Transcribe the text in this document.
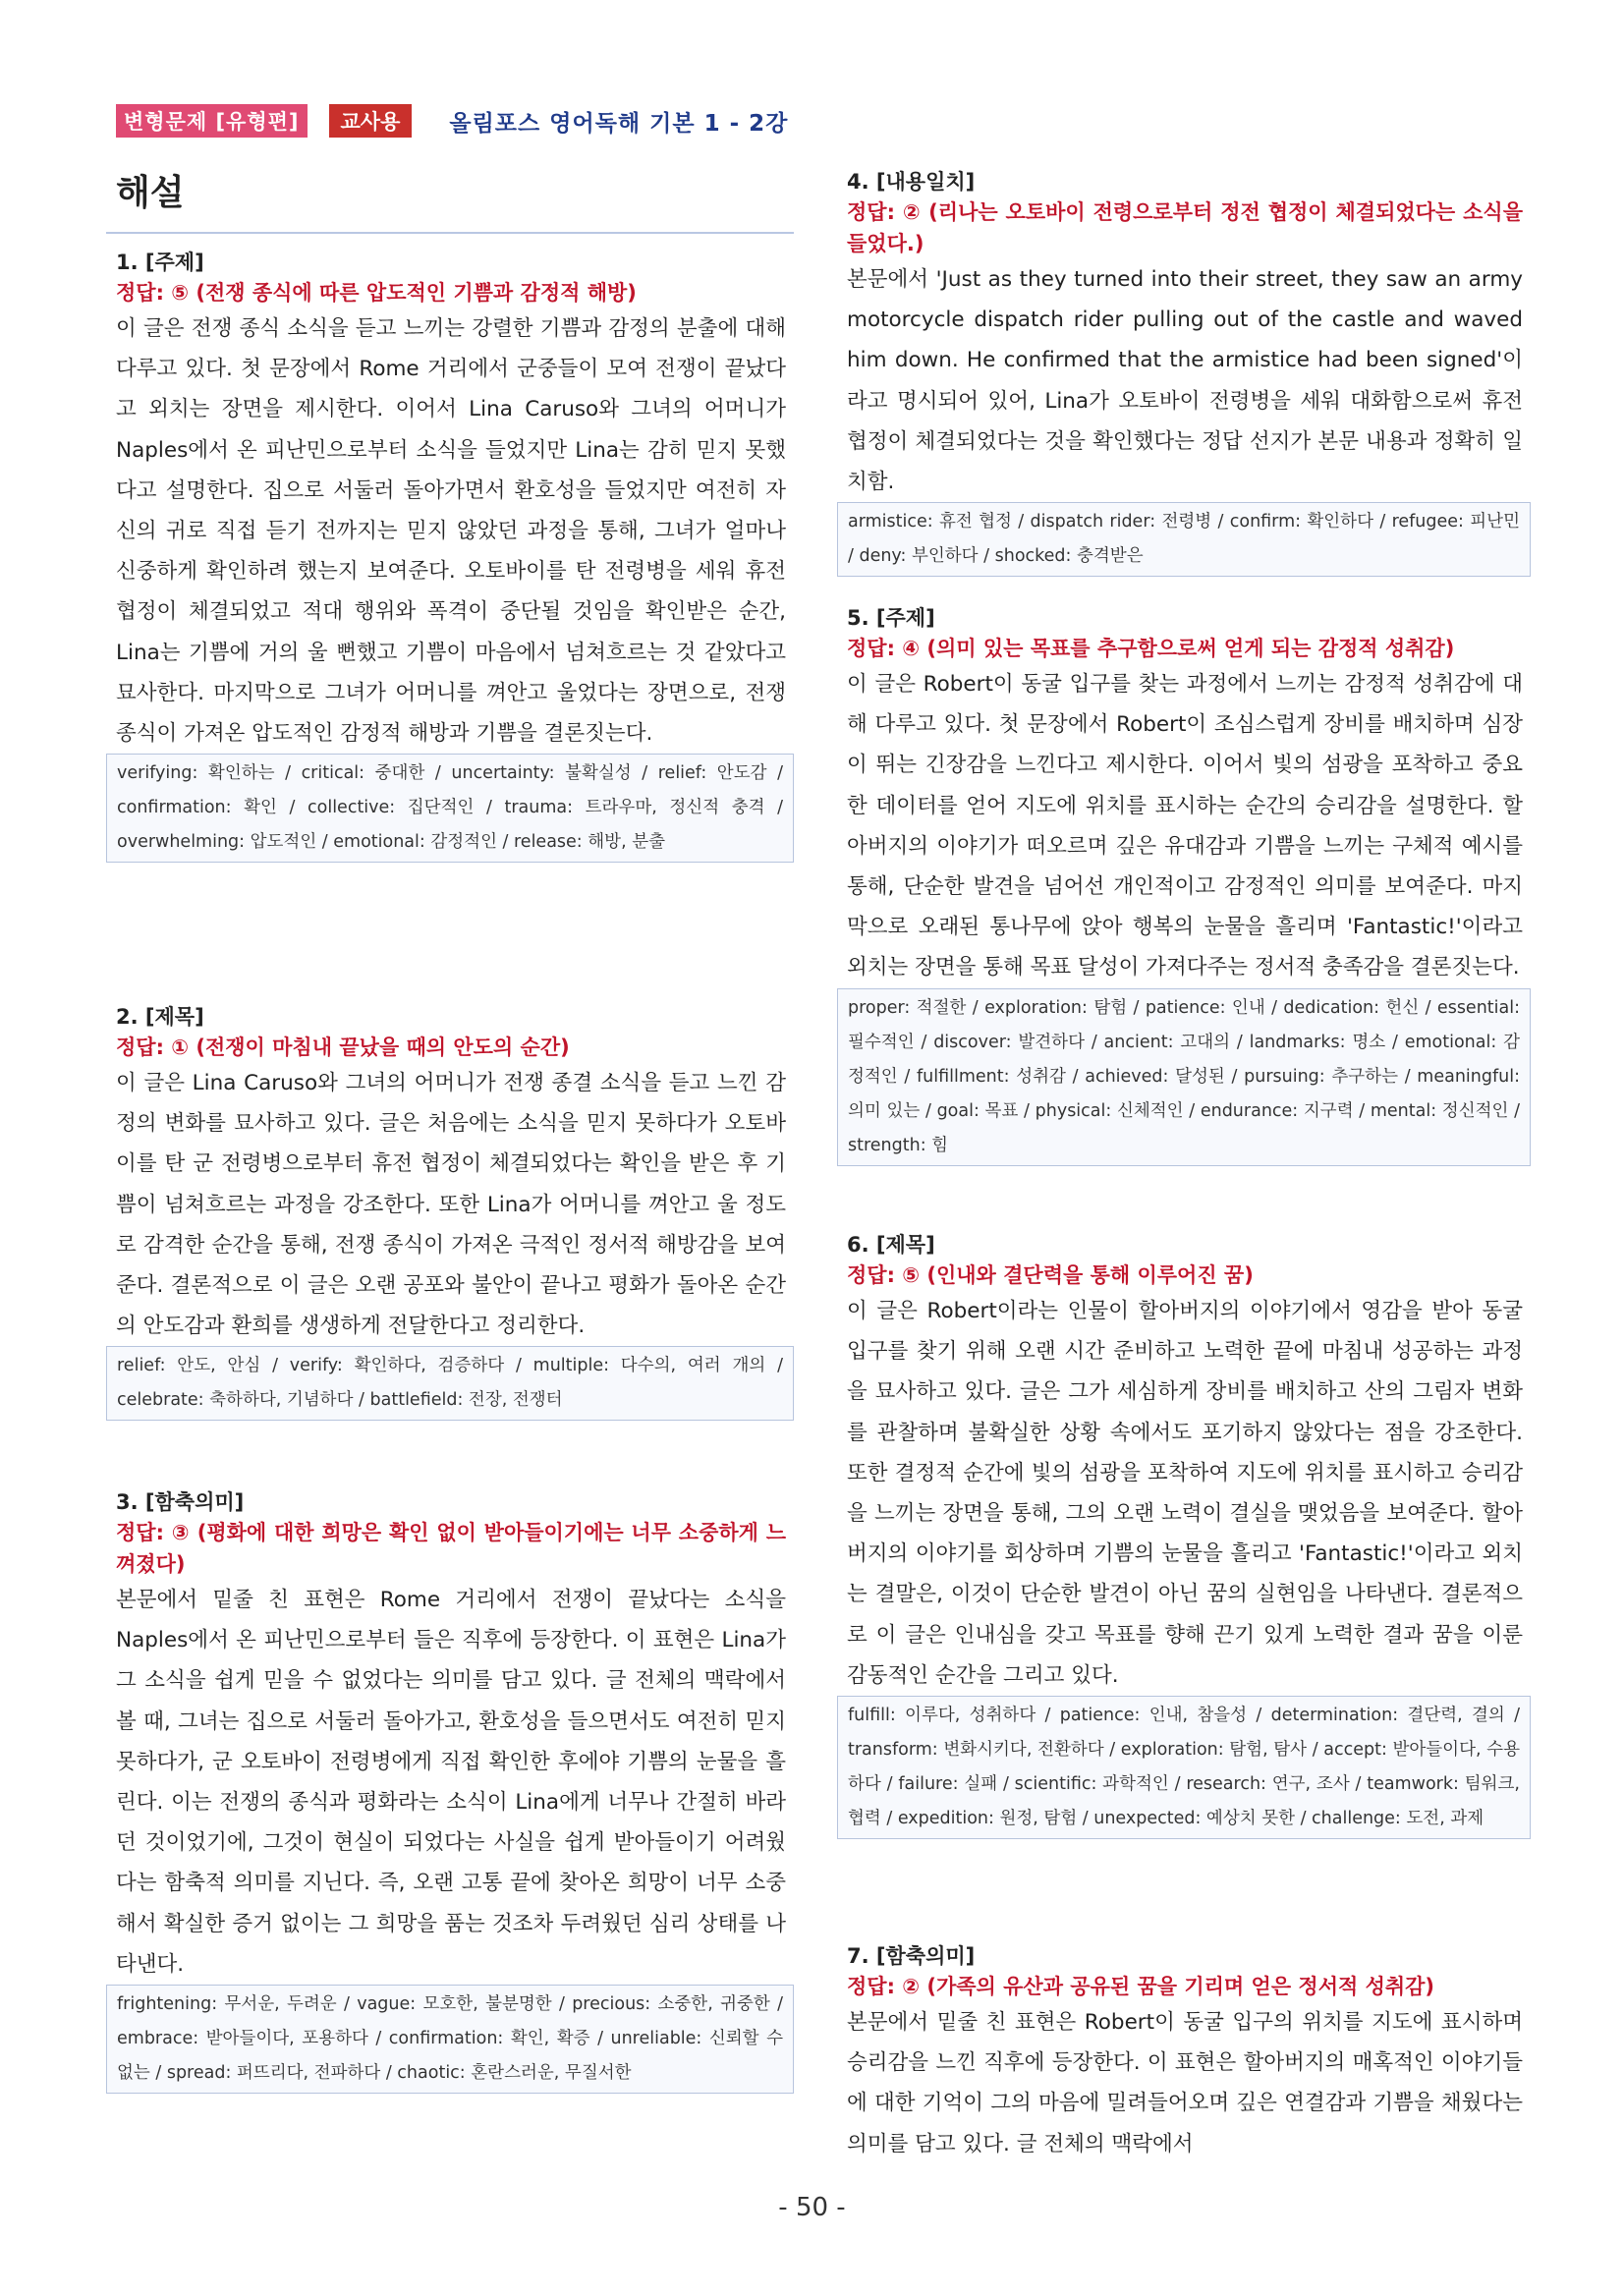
변형문제 [유형편]	교사용	올림포스 영어독해 기본 1 - 2강
해설
1. [주제]
정답: ⑤ (전쟁 종식에 따른 압도적인 기쁨과 감정적 해방)
이 글은 전쟁 종식 소식을 듣고 느끼는 강렬한 기쁨과 감정의 분출에 대해 다루고 있다. 첫 문장에서 Rome 거리에서 군중들이 모여 전쟁이 끝났다고 외치는 장면을 제시한다. 이어서 Lina Caruso와 그녀의 어머니가 Naples에서 온 피난민으로부터 소식을 들었지만 Lina는 감히 믿지 못했다고 설명한다. 집으로 서둘러 돌아가면서 환호성을 들었지만 여전히 자신의 귀로 직접 듣기 전까지는 믿지 않았던 과정을 통해, 그녀가 얼마나 신중하게 확인하려 했는지 보여준다. 오토바이를 탄 전령병을 세워 휴전 협정이 체결되었고 적대 행위와 폭격이 중단될 것임을 확인받은 순간, Lina는 기쁨에 거의 울 뻔했고 기쁨이 마음에서 넘쳐흐르는 것 같았다고 묘사한다. 마지막으로 그녀가 어머니를 껴안고 울었다는 장면으로, 전쟁 종식이 가져온 압도적인 감정적 해방과 기쁨을 결론짓는다.
verifying: 확인하는 / critical: 중대한 / uncertainty: 불확실성 / relief: 안도감 / confirmation: 확인 / collective: 집단적인 / trauma: 트라우마, 정신적 충격 / overwhelming: 압도적인 / emotional: 감정적인 / release: 해방, 분출
2. [제목]
정답: ① (전쟁이 마침내 끝났을 때의 안도의 순간)
이 글은 Lina Caruso와 그녀의 어머니가 전쟁 종결 소식을 듣고 느낀 감정의 변화를 묘사하고 있다. 글은 처음에는 소식을 믿지 못하다가 오토바이를 탄 군 전령병으로부터 휴전 협정이 체결되었다는 확인을 받은 후 기쁨이 넘쳐흐르는 과정을 강조한다. 또한 Lina가 어머니를 껴안고 울 정도로 감격한 순간을 통해, 전쟁 종식이 가져온 극적인 정서적 해방감을 보여준다. 결론적으로 이 글은 오랜 공포와 불안이 끝나고 평화가 돌아온 순간의 안도감과 환희를 생생하게 전달한다고 정리한다.
relief: 안도, 안심 / verify: 확인하다, 검증하다 / multiple: 다수의, 여러 개의 / celebrate: 축하하다, 기념하다 / battlefield: 전장, 전쟁터
3. [함축의미]
정답: ③ (평화에 대한 희망은 확인 없이 받아들이기에는 너무 소중하게 느껴졌다)
본문에서 밑줄 친 표현은 Rome 거리에서 전쟁이 끝났다는 소식을 Naples에서 온 피난민으로부터 들은 직후에 등장한다. 이 표현은 Lina가 그 소식을 쉽게 믿을 수 없었다는 의미를 담고 있다. 글 전체의 맥락에서 볼 때, 그녀는 집으로 서둘러 돌아가고, 환호성을 들으면서도 여전히 믿지 못하다가, 군 오토바이 전령병에게 직접 확인한 후에야 기쁨의 눈물을 흘린다. 이는 전쟁의 종식과 평화라는 소식이 Lina에게 너무나 간절히 바라던 것이었기에, 그것이 현실이 되었다는 사실을 쉽게 받아들이기 어려웠다는 함축적 의미를 지닌다. 즉, 오랜 고통 끝에 찾아온 희망이 너무 소중해서 확실한 증거 없이는 그 희망을 품는 것조차 두려웠던 심리 상태를 나타낸다.
frightening: 무서운, 두려운 / vague: 모호한, 불분명한 / precious: 소중한, 귀중한 / embrace: 받아들이다, 포용하다 / confirmation: 확인, 확증 / unreliable: 신뢰할 수 없는 / spread: 퍼뜨리다, 전파하다 / chaotic: 혼란스러운, 무질서한
4. [내용일치]
정답: ② (리나는 오토바이 전령으로부터 정전 협정이 체결되었다는 소식을 들었다.)
본문에서 'Just as they turned into their street, they saw an army motorcycle dispatch rider pulling out of the castle and waved him down. He confirmed that the armistice had been signed'이라고 명시되어 있어, Lina가 오토바이 전령병을 세워 대화함으로써 휴전 협정이 체결되었다는 것을 확인했다는 정답 선지가 본문 내용과 정확히 일치함.
armistice: 휴전 협정 / dispatch rider: 전령병 / confirm: 확인하다 / refugee: 피난민 / deny: 부인하다 / shocked: 충격받은
5. [주제]
정답: ④ (의미 있는 목표를 추구함으로써 얻게 되는 감정적 성취감)
이 글은 Robert이 동굴 입구를 찾는 과정에서 느끼는 감정적 성취감에 대해 다루고 있다. 첫 문장에서 Robert이 조심스럽게 장비를 배치하며 심장이 뛰는 긴장감을 느낀다고 제시한다. 이어서 빛의 섬광을 포착하고 중요한 데이터를 얻어 지도에 위치를 표시하는 순간의 승리감을 설명한다. 할아버지의 이야기가 떠오르며 깊은 유대감과 기쁨을 느끼는 구체적 예시를 통해, 단순한 발견을 넘어선 개인적이고 감정적인 의미를 보여준다. 마지막으로 오래된 통나무에 앉아 행복의 눈물을 흘리며 'Fantastic!'이라고 외치는 장면을 통해 목표 달성이 가져다주는 정서적 충족감을 결론짓는다.
proper: 적절한 / exploration: 탐험 / patience: 인내 / dedication: 헌신 / essential: 필수적인 / discover: 발견하다 / ancient: 고대의 / landmarks: 명소 / emotional: 감정적인 / fulfillment: 성취감 / achieved: 달성된 / pursuing: 추구하는 / meaningful: 의미 있는 / goal: 목표 / physical: 신체적인 / endurance: 지구력 / mental: 정신적인 / strength: 힘
6. [제목]
정답: ⑤ (인내와 결단력을 통해 이루어진 꿈)
이 글은 Robert이라는 인물이 할아버지의 이야기에서 영감을 받아 동굴 입구를 찾기 위해 오랜 시간 준비하고 노력한 끝에 마침내 성공하는 과정을 묘사하고 있다. 글은 그가 세심하게 장비를 배치하고 산의 그림자 변화를 관찰하며 불확실한 상황 속에서도 포기하지 않았다는 점을 강조한다. 또한 결정적 순간에 빛의 섬광을 포착하여 지도에 위치를 표시하고 승리감을 느끼는 장면을 통해, 그의 오랜 노력이 결실을 맺었음을 보여준다. 할아버지의 이야기를 회상하며 기쁨의 눈물을 흘리고 'Fantastic!'이라고 외치는 결말은, 이것이 단순한 발견이 아닌 꿈의 실현임을 나타낸다. 결론적으로 이 글은 인내심을 갖고 목표를 향해 끈기 있게 노력한 결과 꿈을 이룬 감동적인 순간을 그리고 있다.
fulfill: 이루다, 성취하다 / patience: 인내, 참을성 / determination: 결단력, 결의 / transform: 변화시키다, 전환하다 / exploration: 탐험, 탐사 / accept: 받아들이다, 수용하다 / failure: 실패 / scientific: 과학적인 / research: 연구, 조사 / teamwork: 팀워크, 협력 / expedition: 원정, 탐험 / unexpected: 예상치 못한 / challenge: 도전, 과제
7. [함축의미]
정답: ② (가족의 유산과 공유된 꿈을 기리며 얻은 정서적 성취감)
본문에서 밑줄 친 표현은 Robert이 동굴 입구의 위치를 지도에 표시하며 승리감을 느낀 직후에 등장한다. 이 표현은 할아버지의 매혹적인 이야기들에 대한 기억이 그의 마음에 밀려들어오며 깊은 연결감과 기쁨을 채웠다는 의미를 담고 있다. 글 전체의 맥락에서
- 50 -
